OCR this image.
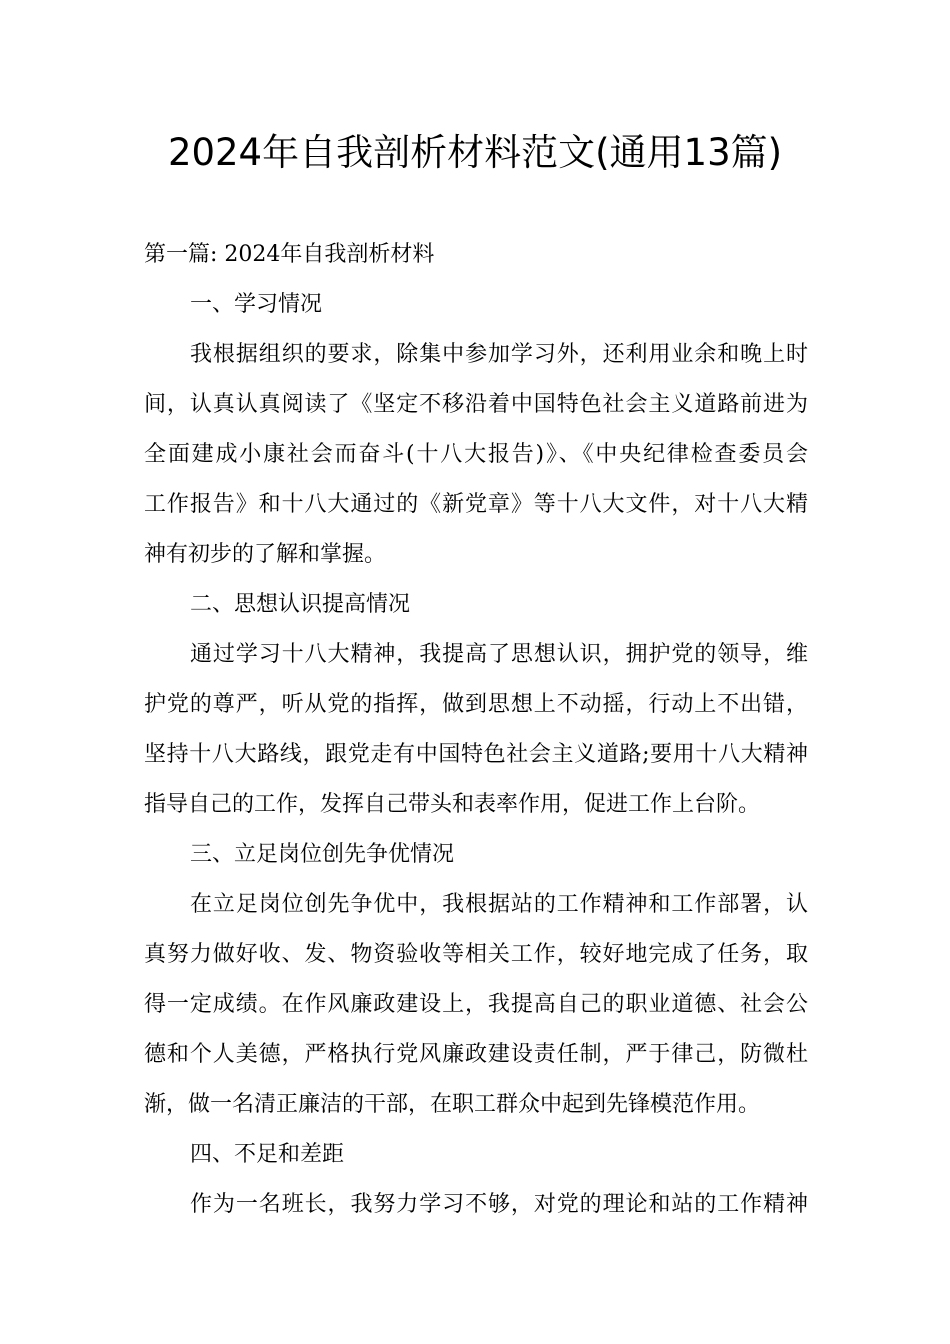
2024年自我剖析材料范文(通用13篇)
第一篇: 2024年自我剖析材料
一、学习情况
我根据组织的要求，除集中参加学习外，还利用业余和晚上时
间，认真认真阅读了《坚定不移沿着中国特色社会主义道路前进为
全面建成小康社会而奋斗(十八大报告)》、《中央纪律检查委员会
工作报告》和十八大通过的《新党章》等十八大文件，对十八大精
神有初步的了解和掌握。
二、思想认识提高情况
通过学习十八大精神，我提高了思想认识，拥护党的领导，维
护党的尊严，听从党的指挥，做到思想上不动摇，行动上不出错，
坚持十八大路线，跟党走有中国特色社会主义道路;要用十八大精神
指导自己的工作，发挥自己带头和表率作用，促进工作上台阶。
三、立足岗位创先争优情况
在立足岗位创先争优中，我根据站的工作精神和工作部署，认
真努力做好收、发、物资验收等相关工作，较好地完成了任务，取
得一定成绩。在作风廉政建设上，我提高自己的职业道德、社会公
德和个人美德，严格执行党风廉政建设责任制，严于律己，防微杜
渐，做一名清正廉洁的干部，在职工群众中起到先锋模范作用。
四、不足和差距
作为一名班长，我努力学习不够，对党的理论和站的工作精神
